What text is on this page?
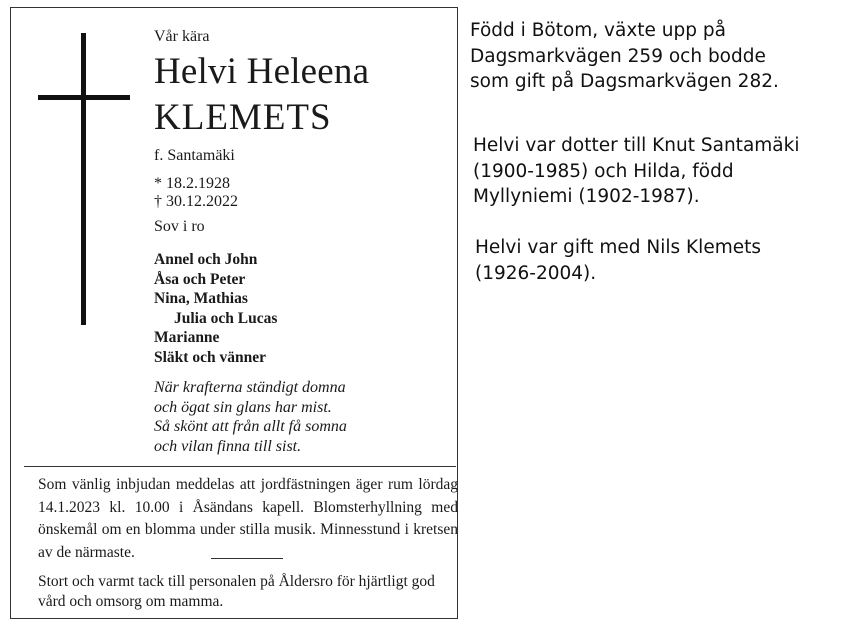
Vår kära
Helvi Heleena
KLEMETS
f. Santamäki
* 18.2.1928
† 30.12.2022
Sov i ro
Annel och John
Åsa och Peter
Nina, Mathias
Julia och Lucas
Marianne
Släkt och vänner
När krafterna ständigt domna
och ögat sin glans har mist.
Så skönt att från allt få somna
och vilan finna till sist.
Som vänlig inbjudan meddelas att jordfästningen äger rum lördag 14.1.2023 kl. 10.00 i Åsändans kapell. Blomsterhyllning med önskemål om en blomma under stilla musik. Minnesstund i kretsen av de närmaste.
Stort och varmt tack till personalen på Åldersro för hjärtligt god vård och omsorg om mamma.
Född i Bötom, växte upp på
Dagsmarkvägen 259 och bodde
som gift på Dagsmarkvägen 282.
Helvi var dotter till Knut Santamäki
(1900-1985) och Hilda, född
Myllyniemi (1902-1987).
Helvi var gift med Nils Klemets
(1926-2004).
